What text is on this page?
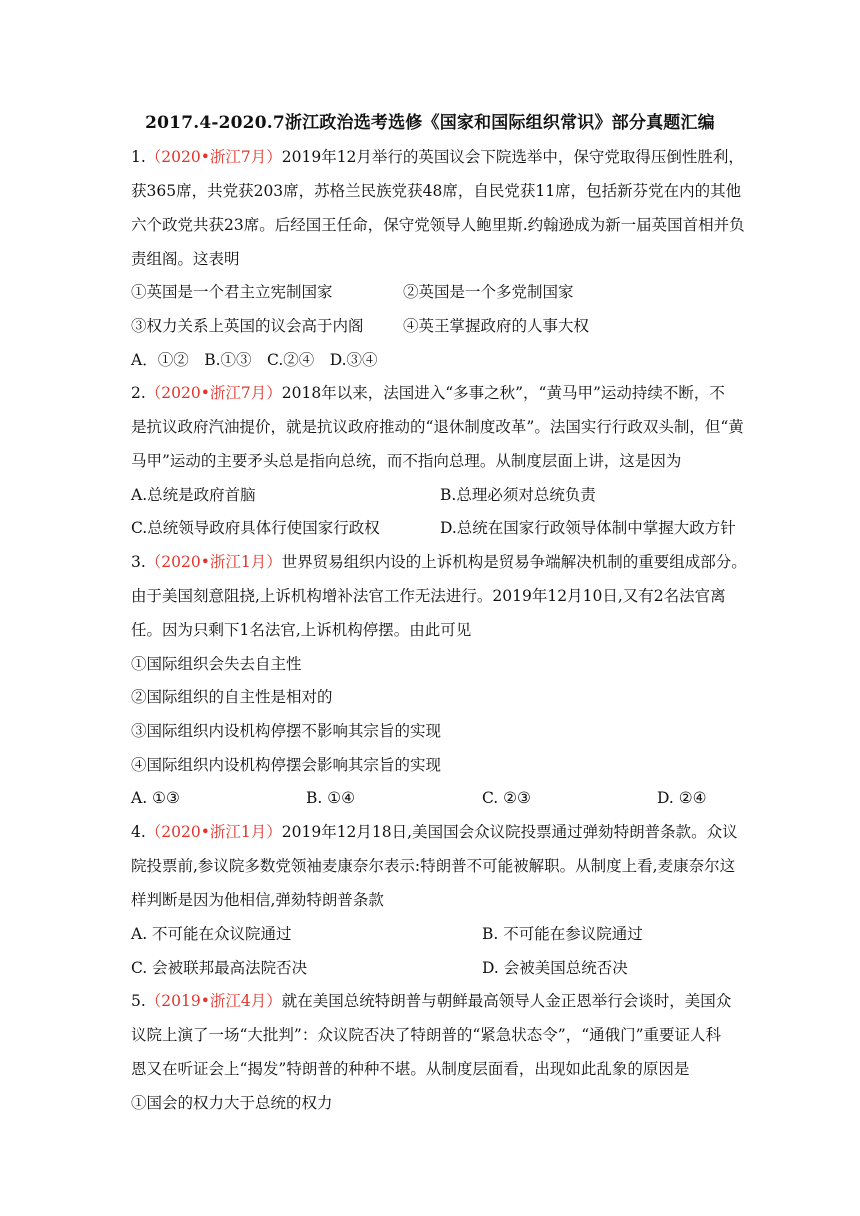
2017.4-2020.7浙江政治选考选修《国家和国际组织常识》部分真题汇编
1.（2020•浙江7月）2019年12月举行的英国议会下院选举中，保守党取得压倒性胜利，
获365席，共党获203席，苏格兰民族党获48席，自民党获11席，包括新芬党在内的其他
六个政党共获23席。后经国王任命，保守党领导人鲍里斯.约翰逊成为新一届英国首相并负
责组阁。这表明
①英国是一个君主立宪制国家	②英国是一个多党制国家
③权力关系上英国的议会高于内阁	④英王掌握政府的人事大权
A．①②　B.①③　C.②④　D.③④
2.（2020•浙江7月）2018年以来，法国进入“多事之秋”，“黄马甲”运动持续不断，不
是抗议政府汽油提价，就是抗议政府推动的“退休制度改革”。法国实行行政双头制，但“黄
马甲”运动的主要矛头总是指向总统，而不指向总理。从制度层面上讲，这是因为
A.总统是政府首脑	B.总理必须对总统负责
C.总统领导政府具体行使国家行政权	D.总统在国家行政领导体制中掌握大政方针
3.（2020•浙江1月）世界贸易组织内设的上诉机构是贸易争端解决机制的重要组成部分。
由于美国刻意阻挠,上诉机构增补法官工作无法进行。2019年12月10日,又有2名法官离
任。因为只剩下1名法官,上诉机构停摆。由此可见
①国际组织会失去自主性
②国际组织的自主性是相对的
③国际组织内设机构停摆不影响其宗旨的实现
④国际组织内设机构停摆会影响其宗旨的实现
A. ①③	B. ①④	C. ②③	D. ②④
4.（2020•浙江1月）2019年12月18日,美国国会众议院投票通过弹劾特朗普条款。众议
院投票前,参议院多数党领袖麦康奈尔表示:特朗普不可能被解职。从制度上看,麦康奈尔这
样判断是因为他相信,弹劾特朗普条款
A. 不可能在众议院通过	B. 不可能在参议院通过
C. 会被联邦最高法院否决	D. 会被美国总统否决
5.（2019•浙江4月）就在美国总统特朗普与朝鲜最高领导人金正恩举行会谈时，美国众
议院上演了一场“大批判”：众议院否决了特朗普的“紧急状态令”，“通俄门”重要证人科
恩又在听证会上“揭发”特朗普的种种不堪。从制度层面看，出现如此乱象的原因是
①国会的权力大于总统的权力
